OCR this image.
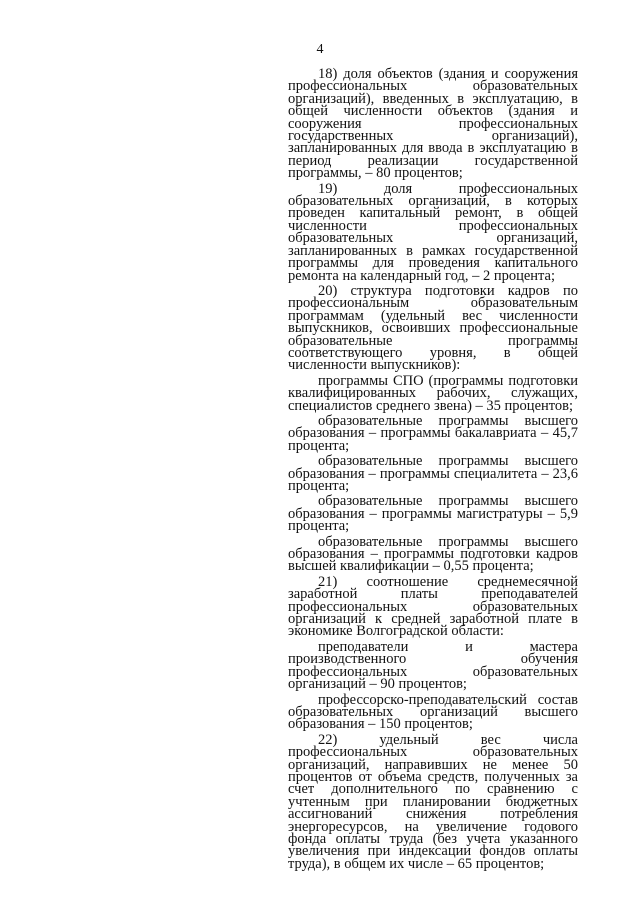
4

18) доля объектов (здания и сооружения профессиональных образовательных организаций), введенных в эксплуатацию, в общей численности объектов (здания и сооружения профессиональных государственных организаций), запланированных для ввода в эксплуатацию в период реализации государственной программы, – 80 процентов;

19) доля профессиональных образовательных организаций, в которых проведен капитальный ремонт, в общей численности профессиональных образовательных организаций, запланированных в рамках государственной программы для проведения капитального ремонта на календарный год, – 2 процента;

20) структура подготовки кадров по профессиональным образовательным программам (удельный вес численности выпускников, освоивших профессиональные образовательные программы соответствующего уровня, в общей численности выпускников):

программы СПО (программы подготовки квалифицированных рабочих, служащих, специалистов среднего звена) – 35 процентов;

образовательные программы высшего образования – программы бакалавриата – 45,7 процента;

образовательные программы высшего образования – программы специалитета – 23,6 процента;

образовательные программы высшего образования – программы магистратуры – 5,9 процента;

образовательные программы высшего образования – программы подготовки кадров высшей квалификации – 0,55 процента;

21) соотношение среднемесячной заработной платы преподавателей профессиональных образовательных организаций к средней заработной плате в экономике Волгоградской области:

преподаватели и мастера производственного обучения профессиональных образовательных организаций – 90 процентов;

профессорско-преподавательский состав образовательных организаций высшего образования – 150 процентов;

22) удельный вес числа профессиональных образовательных организаций, направивших не менее 50 процентов от объема средств, полученных за счет дополнительного по сравнению с учтенным при планировании бюджетных ассигнований снижения потребления энергоресурсов, на увеличение годового фонда оплаты труда (без учета указанного увеличения при индексации фондов оплаты труда), в общем их числе – 65 процентов;
